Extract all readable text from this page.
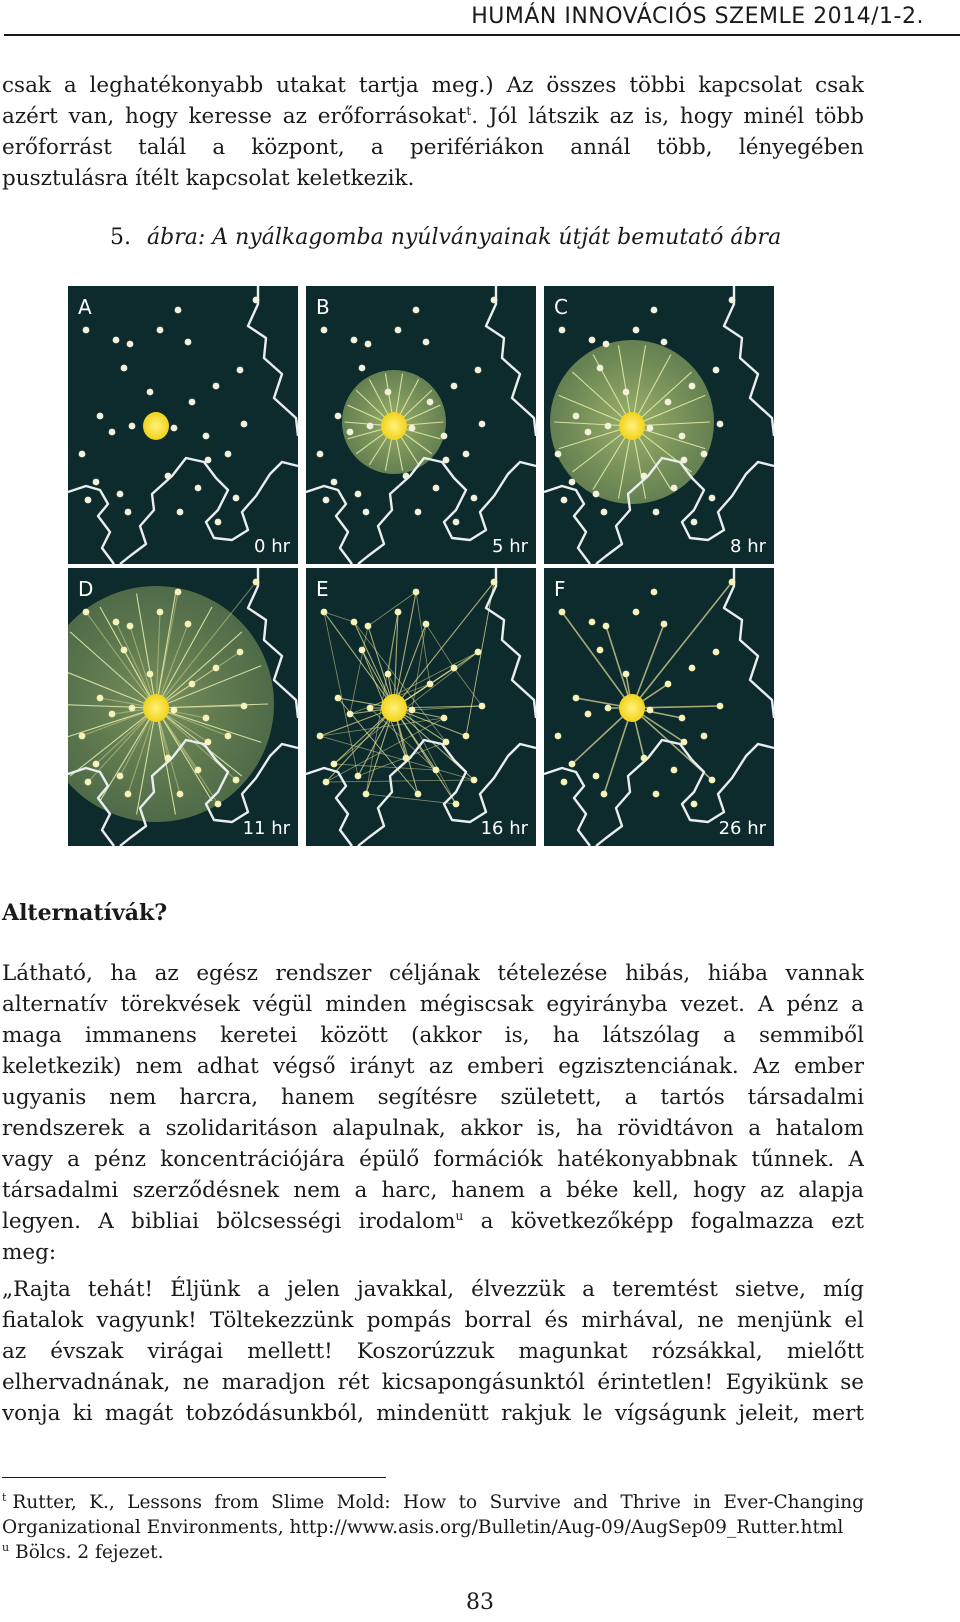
HUMÁN INNOVÁCIÓS SZEMLE 2014/1-2.
csak a leghatékonyabb utakat tartja meg.) Az összes többi kapcsolat csak
azért van, hogy keresse az erőforrásokat$^t$. Jól látszik az is, hogy minél több
erőforrást talál a központ, a perifériákon annál több, lényegében
pusztulásra ítélt kapcsolat keletkezik.
5. ábra: A nyálkagomba nyúlványainak útját bemutató ábra
A
0 hr
B
5 hr
C
8 hr
D
11 hr
E
16 hr
F
26 hr
Alternatívák?
Látható, ha az egész rendszer céljának tételezése hibás, hiába vannak
alternatív törekvések végül minden mégiscsak egyirányba vezet. A pénz a
maga immanens keretei között (akkor is, ha látszólag a semmiből
keletkezik) nem adhat végső irányt az emberi egzisztenciának. Az ember
ugyanis nem harcra, hanem segítésre született, a tartós társadalmi
rendszerek a szolidaritáson alapulnak, akkor is, ha rövidtávon a hatalom
vagy a pénz koncentrációjára épülő formációk hatékonyabbnak tűnnek. A
társadalmi szerződésnek nem a harc, hanem a béke kell, hogy az alapja
legyen. A bibliai bölcsességi irodalom$^u$ a következőképp fogalmazza ezt
meg:
„Rajta tehát! Éljünk a jelen javakkal, élvezzük a teremtést sietve, míg
fiatalok vagyunk! Töltekezzünk pompás borral és mirhával, ne menjünk el
az évszak virágai mellett! Koszorúzzuk magunkat rózsákkal, mielőtt
elhervadnának, ne maradjon rét kicsapongásunktól érintetlen! Egyikünk se
vonja ki magát tobzódásunkból, mindenütt rakjuk le vígságunk jeleit, mert
$^t$ Rutter, K., Lessons from Slime Mold: How to Survive and Thrive in Ever-Changing
Organizational Environments, http://www.asis.org/Bulletin/Aug-09/AugSep09_Rutter.html
$^u$ Bölcs. 2 fejezet.
83
